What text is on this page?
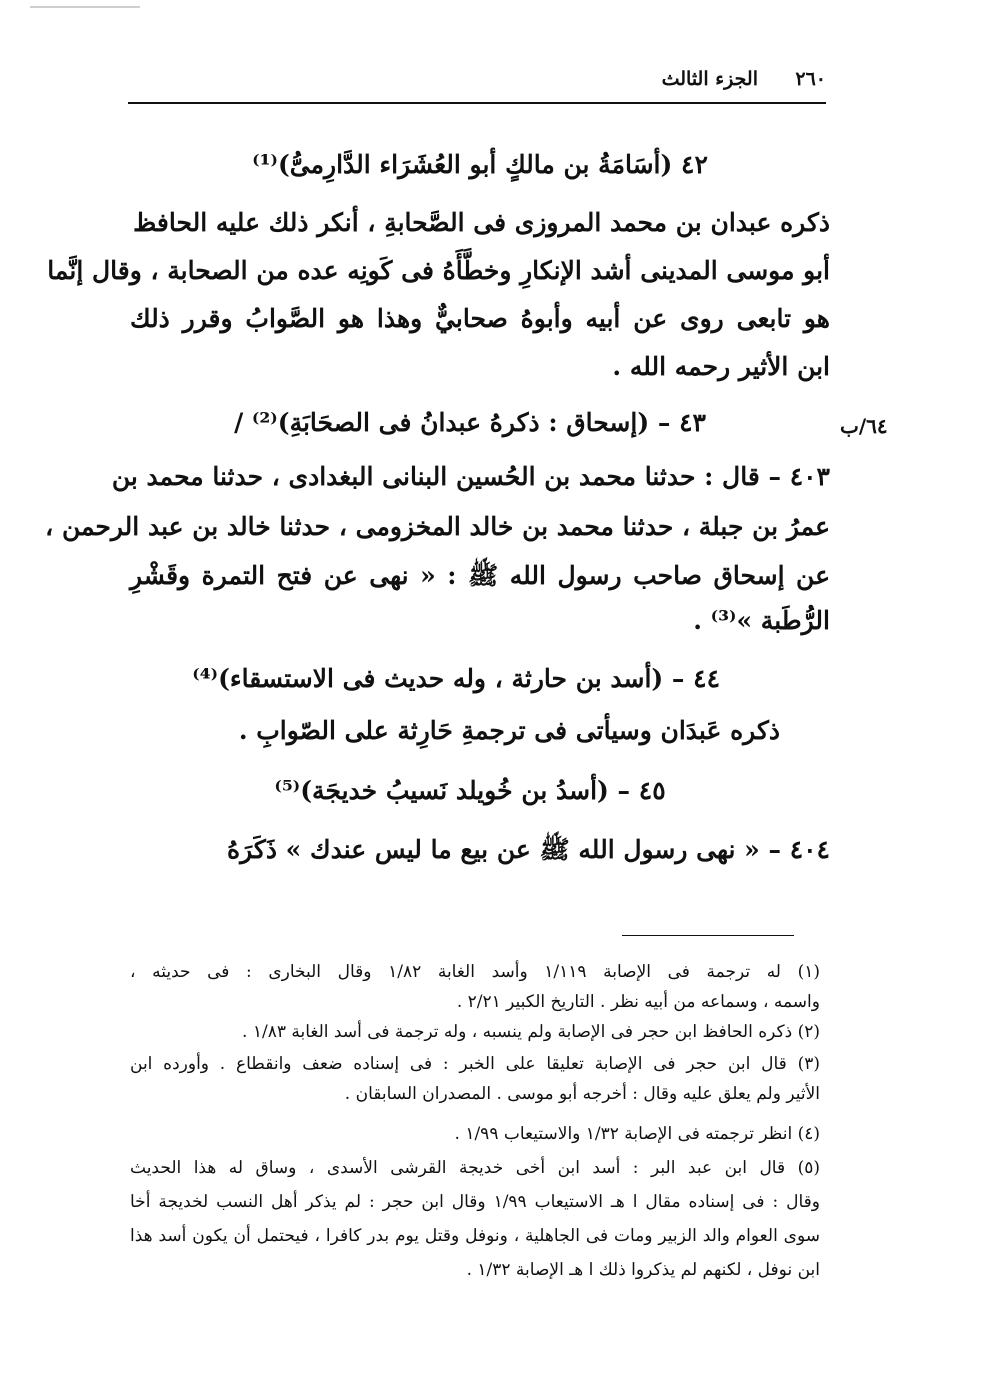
٢٦٠
الجزء الثالث
٤٢ (أسَامَةُ بن مالكٍ أبو العُشَرَاء الدَّارِمىُّ)⁽¹⁾
ذكره عبدان بن محمد المروزى فى الصَّحابةِ ، أنكر ذلك عليه الحافظ
أبو موسى المدينى أشد الإنكارِ وخطَّأَهُ فى كَونِه عده من الصحابة ، وقال إنَّما
هو تابعى روى عن أبيه وأبوهُ صحابيٌّ وهذا هو الصَّوابُ وقرر ذلك
ابن الأثير رحمه الله .
٤٣ – (إسحاق : ذكرهُ عبدانُ فى الصحَابَةِ)⁽²⁾ /	٦٤/ب
٤٠٣ – قال : حدثنا محمد بن الحُسين البنانى البغدادى ، حدثنا محمد بن
عمرُ بن جبلة ، حدثنا محمد بن خالد المخزومى ، حدثنا خالد بن عبد الرحمن ،
عن إسحاق صاحب رسول الله ﷺ : « نهى عن فتح التمرة وقَشْرِ
الرُّطَبة »⁽³⁾ .
٤٤ – (أسد بن حارثة ، وله حديث فى الاستسقاء)⁽⁴⁾
ذكره عَبدَان وسيأتى فى ترجمةِ حَارِثة على الصّوابِ .
٤٥ – (أسدُ بن خُويلد نَسيبُ خديجَة)⁽⁵⁾
٤٠٤ – « نهى رسول الله ﷺ عن بيع ما ليس عندك » ذَكَرَهُ
(١) له ترجمة فى الإصابة ١/١١٩ وأسد الغابة ١/٨٢ وقال البخارى : فى حديثه ،
واسمه ، وسماعه من أبيه نظر . التاريخ الكبير ٢/٢١ .
(٢) ذكره الحافظ ابن حجر فى الإصابة ولم ينسبه ، وله ترجمة فى أسد الغابة ١/٨٣ .
(٣) قال ابن حجر فى الإصابة تعليقا على الخبر : فى إسناده ضعف وانقطاع . وأورده ابن
الأثير ولم يعلق عليه وقال : أخرجه أبو موسى . المصدران السابقان .
(٤) انظر ترجمته فى الإصابة ١/٣٢ والاستيعاب ١/٩٩ .
(٥) قال ابن عبد البر : أسد ابن أخى خديجة القرشى الأسدى ، وساق له هذا الحديث
وقال : فى إسناده مقال ا هـ الاستيعاب ١/٩٩ وقال ابن حجر : لم يذكر أهل النسب لخديجة أخا
سوى العوام والد الزبير ومات فى الجاهلية ، ونوفل وقتل يوم بدر كافرا ، فيحتمل أن يكون أسد هذا
ابن نوفل ، لكنهم لم يذكروا ذلك ا هـ الإصابة ١/٣٢ .
